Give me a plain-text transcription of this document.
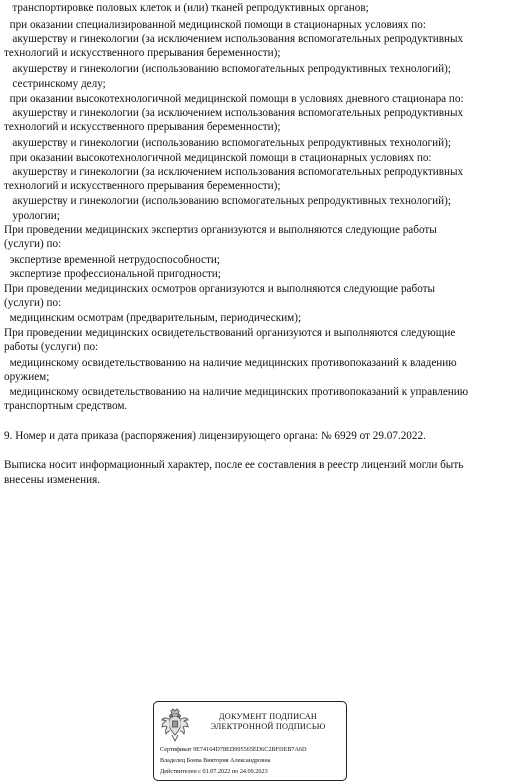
транспортировке половых клеток и (или) тканей репродуктивных органов;
при оказании специализированной медицинской помощи в стационарных условиях по:
акушерству и гинекологии (за исключением использования вспомогательных репродуктивных
технологий и искусственного прерывания беременности);
акушерству и гинекологии (использованию вспомогательных репродуктивных технологий);
сестринскому делу;
при оказании высокотехнологичной медицинской помощи в условиях дневного стационара по:
акушерству и гинекологии (за исключением использования вспомогательных репродуктивных
технологий и искусственного прерывания беременности);
акушерству и гинекологии (использованию вспомогательных репродуктивных технологий);
при оказании высокотехнологичной медицинской помощи в стационарных условиях по:
акушерству и гинекологии (за исключением использования вспомогательных репродуктивных
технологий и искусственного прерывания беременности);
акушерству и гинекологии (использованию вспомогательных репродуктивных технологий);
урологии;
При проведении медицинских экспертиз организуются и выполняются следующие работы
(услуги) по:
экспертизе временной нетрудоспособности;
экспертизе профессиональной пригодности;
При проведении медицинских осмотров организуются и выполняются следующие работы
(услуги) по:
медицинским осмотрам (предварительным, периодическим);
При проведении медицинских освидетельствований организуются и выполняются следующие
работы (услуги) по:
медицинскому освидетельствованию на наличие медицинских противопоказаний к владению
оружием;
медицинскому освидетельствованию на наличие медицинских противопоказаний к управлению
транспортным средством.
9. Номер и дата приказа (распоряжения) лицензирующего органа: № 6929 от 29.07.2022.
Выписка носит информационный характер, после ее составления в реестр лицензий могли быть
внесены изменения.
ДОКУМЕНТ ПОДПИСАН
ЭЛЕКТРОННОЙ ПОДПИСЬЮ
Сертификат 9E74164D78ED995565ED6C2BFDEB7A6D
Владелец Боева Виктория Александровна
Действителен с 01.07.2022 по 24.09.2023
